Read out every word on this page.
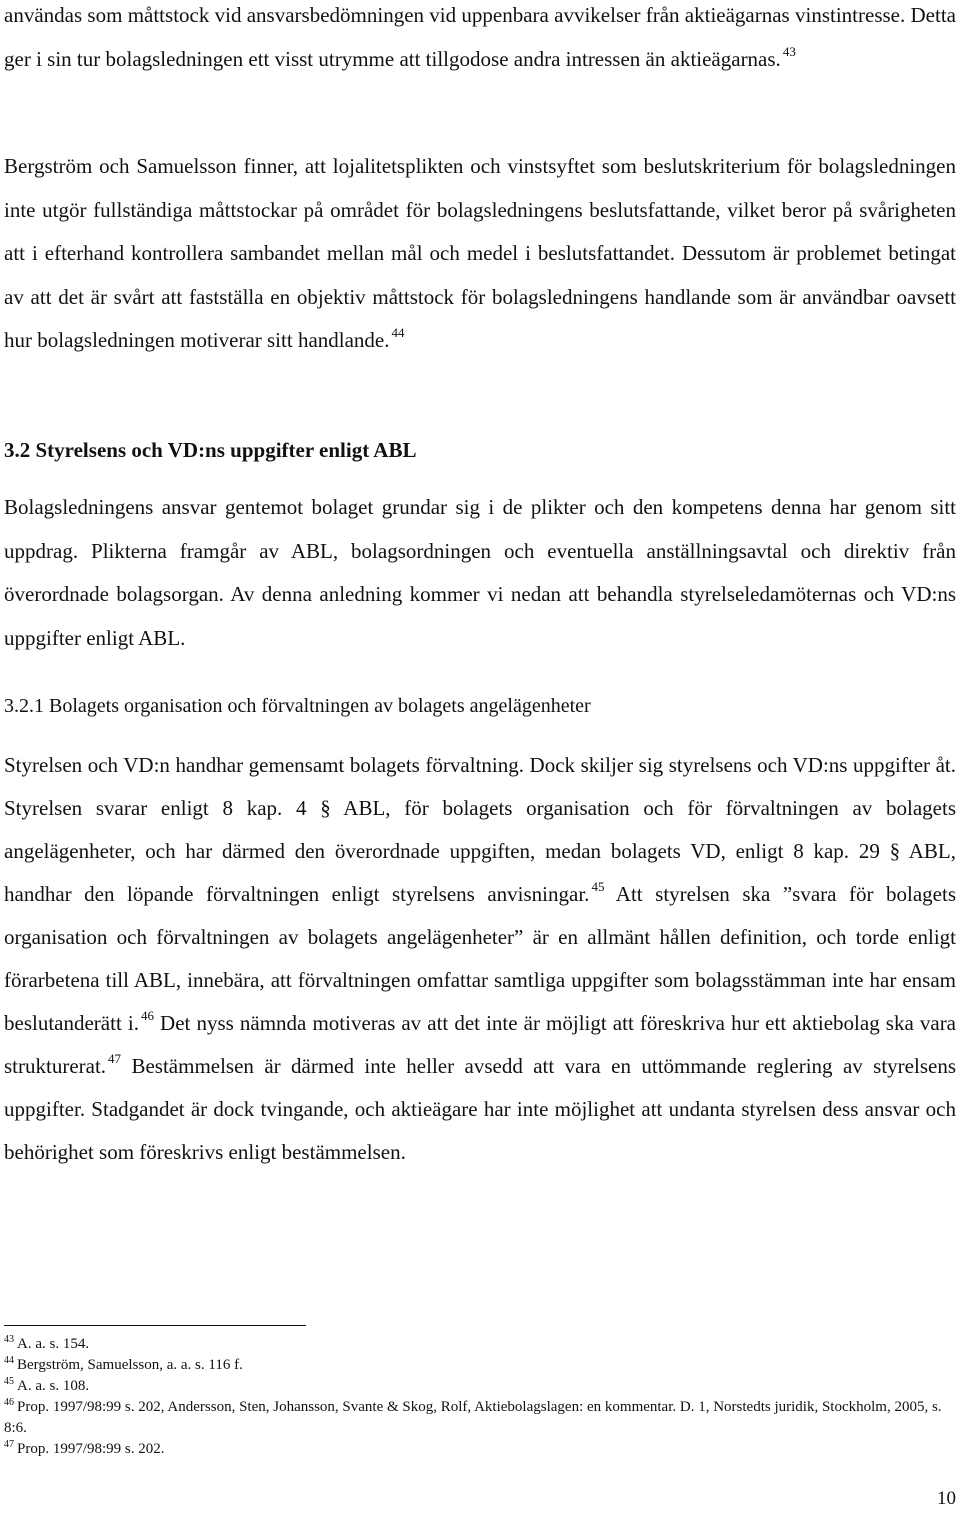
användas som måttstock vid ansvarsbedömningen vid uppenbara avvikelser från aktieägarnas vinstintresse. Detta ger i sin tur bolagsledningen ett visst utrymme att tillgodose andra intressen än aktieägarnas. $^{43}$

Bergström och Samuelsson finner, att lojalitetsplikten och vinstsyftet som beslutskriterium för bolagsledningen inte utgör fullständiga måttstockar på området för bolagsledningens beslutsfattande, vilket beror på svårigheten att i efterhand kontrollera sambandet mellan mål och medel i beslutsfattandet. Dessutom är problemet betingat av att det är svårt att fastställa en objektiv måttstock för bolagsledningens handlande som är användbar oavsett hur bolagsledningen motiverar sitt handlande. $^{44}$

3.2 Styrelsens och VD:ns uppgifter enligt ABL

Bolagsledningens ansvar gentemot bolaget grundar sig i de plikter och den kompetens denna har genom sitt uppdrag. Plikterna framgår av ABL, bolagsordningen och eventuella anställningsavtal och direktiv från överordnade bolagsorgan. Av denna anledning kommer vi nedan att behandla styrelseledamöternas och VD:ns uppgifter enligt ABL.

3.2.1 Bolagets organisation och förvaltningen av bolagets angelägenheter

Styrelsen och VD:n handhar gemensamt bolagets förvaltning. Dock skiljer sig styrelsens och VD:ns uppgifter åt. Styrelsen svarar enligt 8 kap. 4 § ABL, för bolagets organisation och för förvaltningen av bolagets angelägenheter, och har därmed den överordnade uppgiften, medan bolagets VD, enligt 8 kap. 29 § ABL, handhar den löpande förvaltningen enligt styrelsens anvisningar. $^{45}$ Att styrelsen ska ”svara för bolagets organisation och förvaltningen av bolagets angelägenheter” är en allmänt hållen definition, och torde enligt förarbetena till ABL, innebära, att förvaltningen omfattar samtliga uppgifter som bolagsstämman inte har ensam beslutanderätt i. $^{46}$ Det nyss nämnda motiveras av att det inte är möjligt att föreskriva hur ett aktiebolag ska vara strukturerat. $^{47}$ Bestämmelsen är därmed inte heller avsedd att vara en uttömmande reglering av styrelsens uppgifter. Stadgandet är dock tvingande, och aktieägare har inte möjlighet att undanta styrelsen dess ansvar och behörighet som föreskrivs enligt bestämmelsen.

$^{43}$ A. a. s. 154.

$^{44}$ Bergström, Samuelsson, a. a. s. 116 f.

$^{45}$ A. a. s. 108.

$^{46}$ Prop. 1997/98:99 s. 202, Andersson, Sten, Johansson, Svante & Skog, Rolf, Aktiebolagslagen: en kommentar. D. 1, Norstedts juridik, Stockholm, 2005, s. 8:6.

$^{47}$ Prop. 1997/98:99 s. 202.

10
